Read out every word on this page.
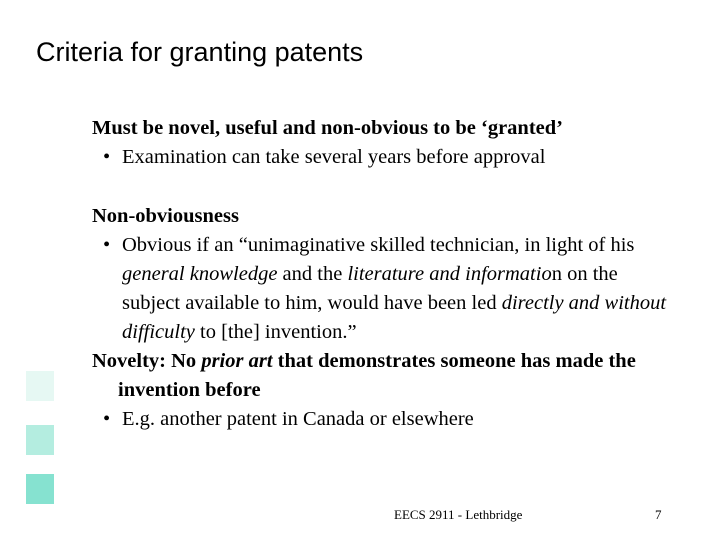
Criteria for granting patents

Must be novel, useful and non-obvious to be ‘granted’

• Examination can take several years before approval

Non-obviousness

• Obvious if an “unimaginative skilled technician, in light of his general knowledge and the literature and information on the subject available to him, would have been led directly and without difficulty to [the] invention.”

Novelty: No prior art that demonstrates someone has made the invention before

• E.g. another patent in Canada or elsewhere

EECS 2911 - Lethbridge	7
